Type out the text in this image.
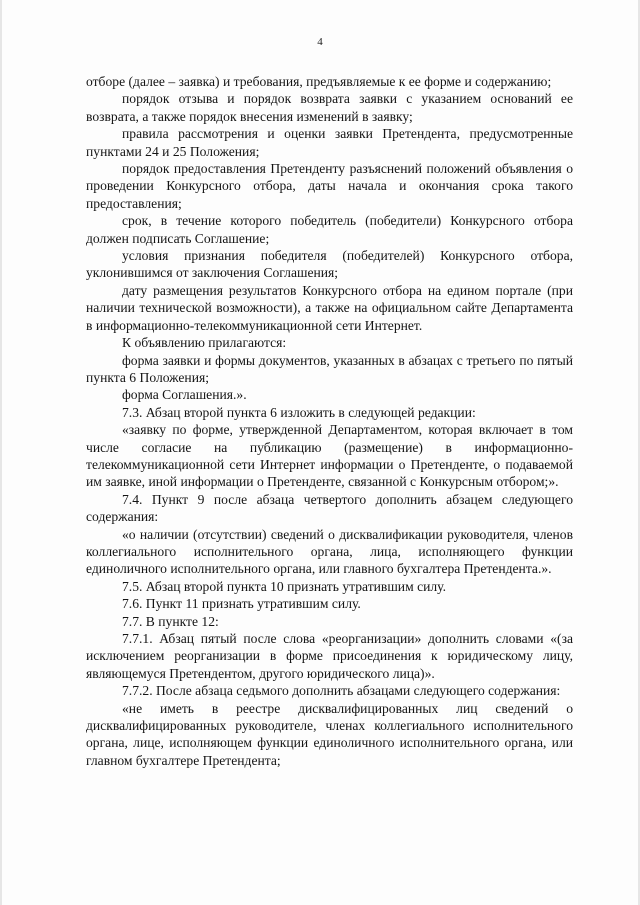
4

отборе (далее – заявка) и требования, предъявляемые к ее форме и содержанию;

порядок отзыва и порядок возврата заявки с указанием оснований ее возврата, а также порядок внесения изменений в заявку;

правила рассмотрения и оценки заявки Претендента, предусмотренные пунктами 24 и 25 Положения;

порядок предоставления Претенденту разъяснений положений объявления о проведении Конкурсного отбора, даты начала и окончания срока такого предоставления;

срок, в течение которого победитель (победители) Конкурсного отбора должен подписать Соглашение;

условия признания победителя (победителей) Конкурсного отбора, уклонившимся от заключения Соглашения;

дату размещения результатов Конкурсного отбора на едином портале (при наличии технической возможности), а также на официальном сайте Департамента в информационно-телекоммуникационной сети Интернет.

К объявлению прилагаются:

форма заявки и формы документов, указанных в абзацах с третьего по пятый пункта 6 Положения;

форма Соглашения.».

7.3. Абзац второй пункта 6 изложить в следующей редакции:

«заявку по форме, утвержденной Департаментом, которая включает в том числе согласие на публикацию (размещение) в информационно-телекоммуникационной сети Интернет информации о Претенденте, о подаваемой им заявке, иной информации о Претенденте, связанной с Конкурсным отбором;».

7.4. Пункт 9 после абзаца четвертого дополнить абзацем следующего содержания:

«о наличии (отсутствии) сведений о дисквалификации руководителя, членов коллегиального исполнительного органа, лица, исполняющего функции единоличного исполнительного органа, или главного бухгалтера Претендента.».

7.5. Абзац второй пункта 10 признать утратившим силу.

7.6. Пункт 11 признать утратившим силу.

7.7. В пункте 12:

7.7.1. Абзац пятый после слова «реорганизации» дополнить словами «(за исключением реорганизации в форме присоединения к юридическому лицу, являющемуся Претендентом, другого юридического лица)».

7.7.2. После абзаца седьмого дополнить абзацами следующего содержания:

«не иметь в реестре дисквалифицированных лиц сведений о дисквалифицированных руководителе, членах коллегиального исполнительного органа, лице, исполняющем функции единоличного исполнительного органа, или главном бухгалтере Претендента;
